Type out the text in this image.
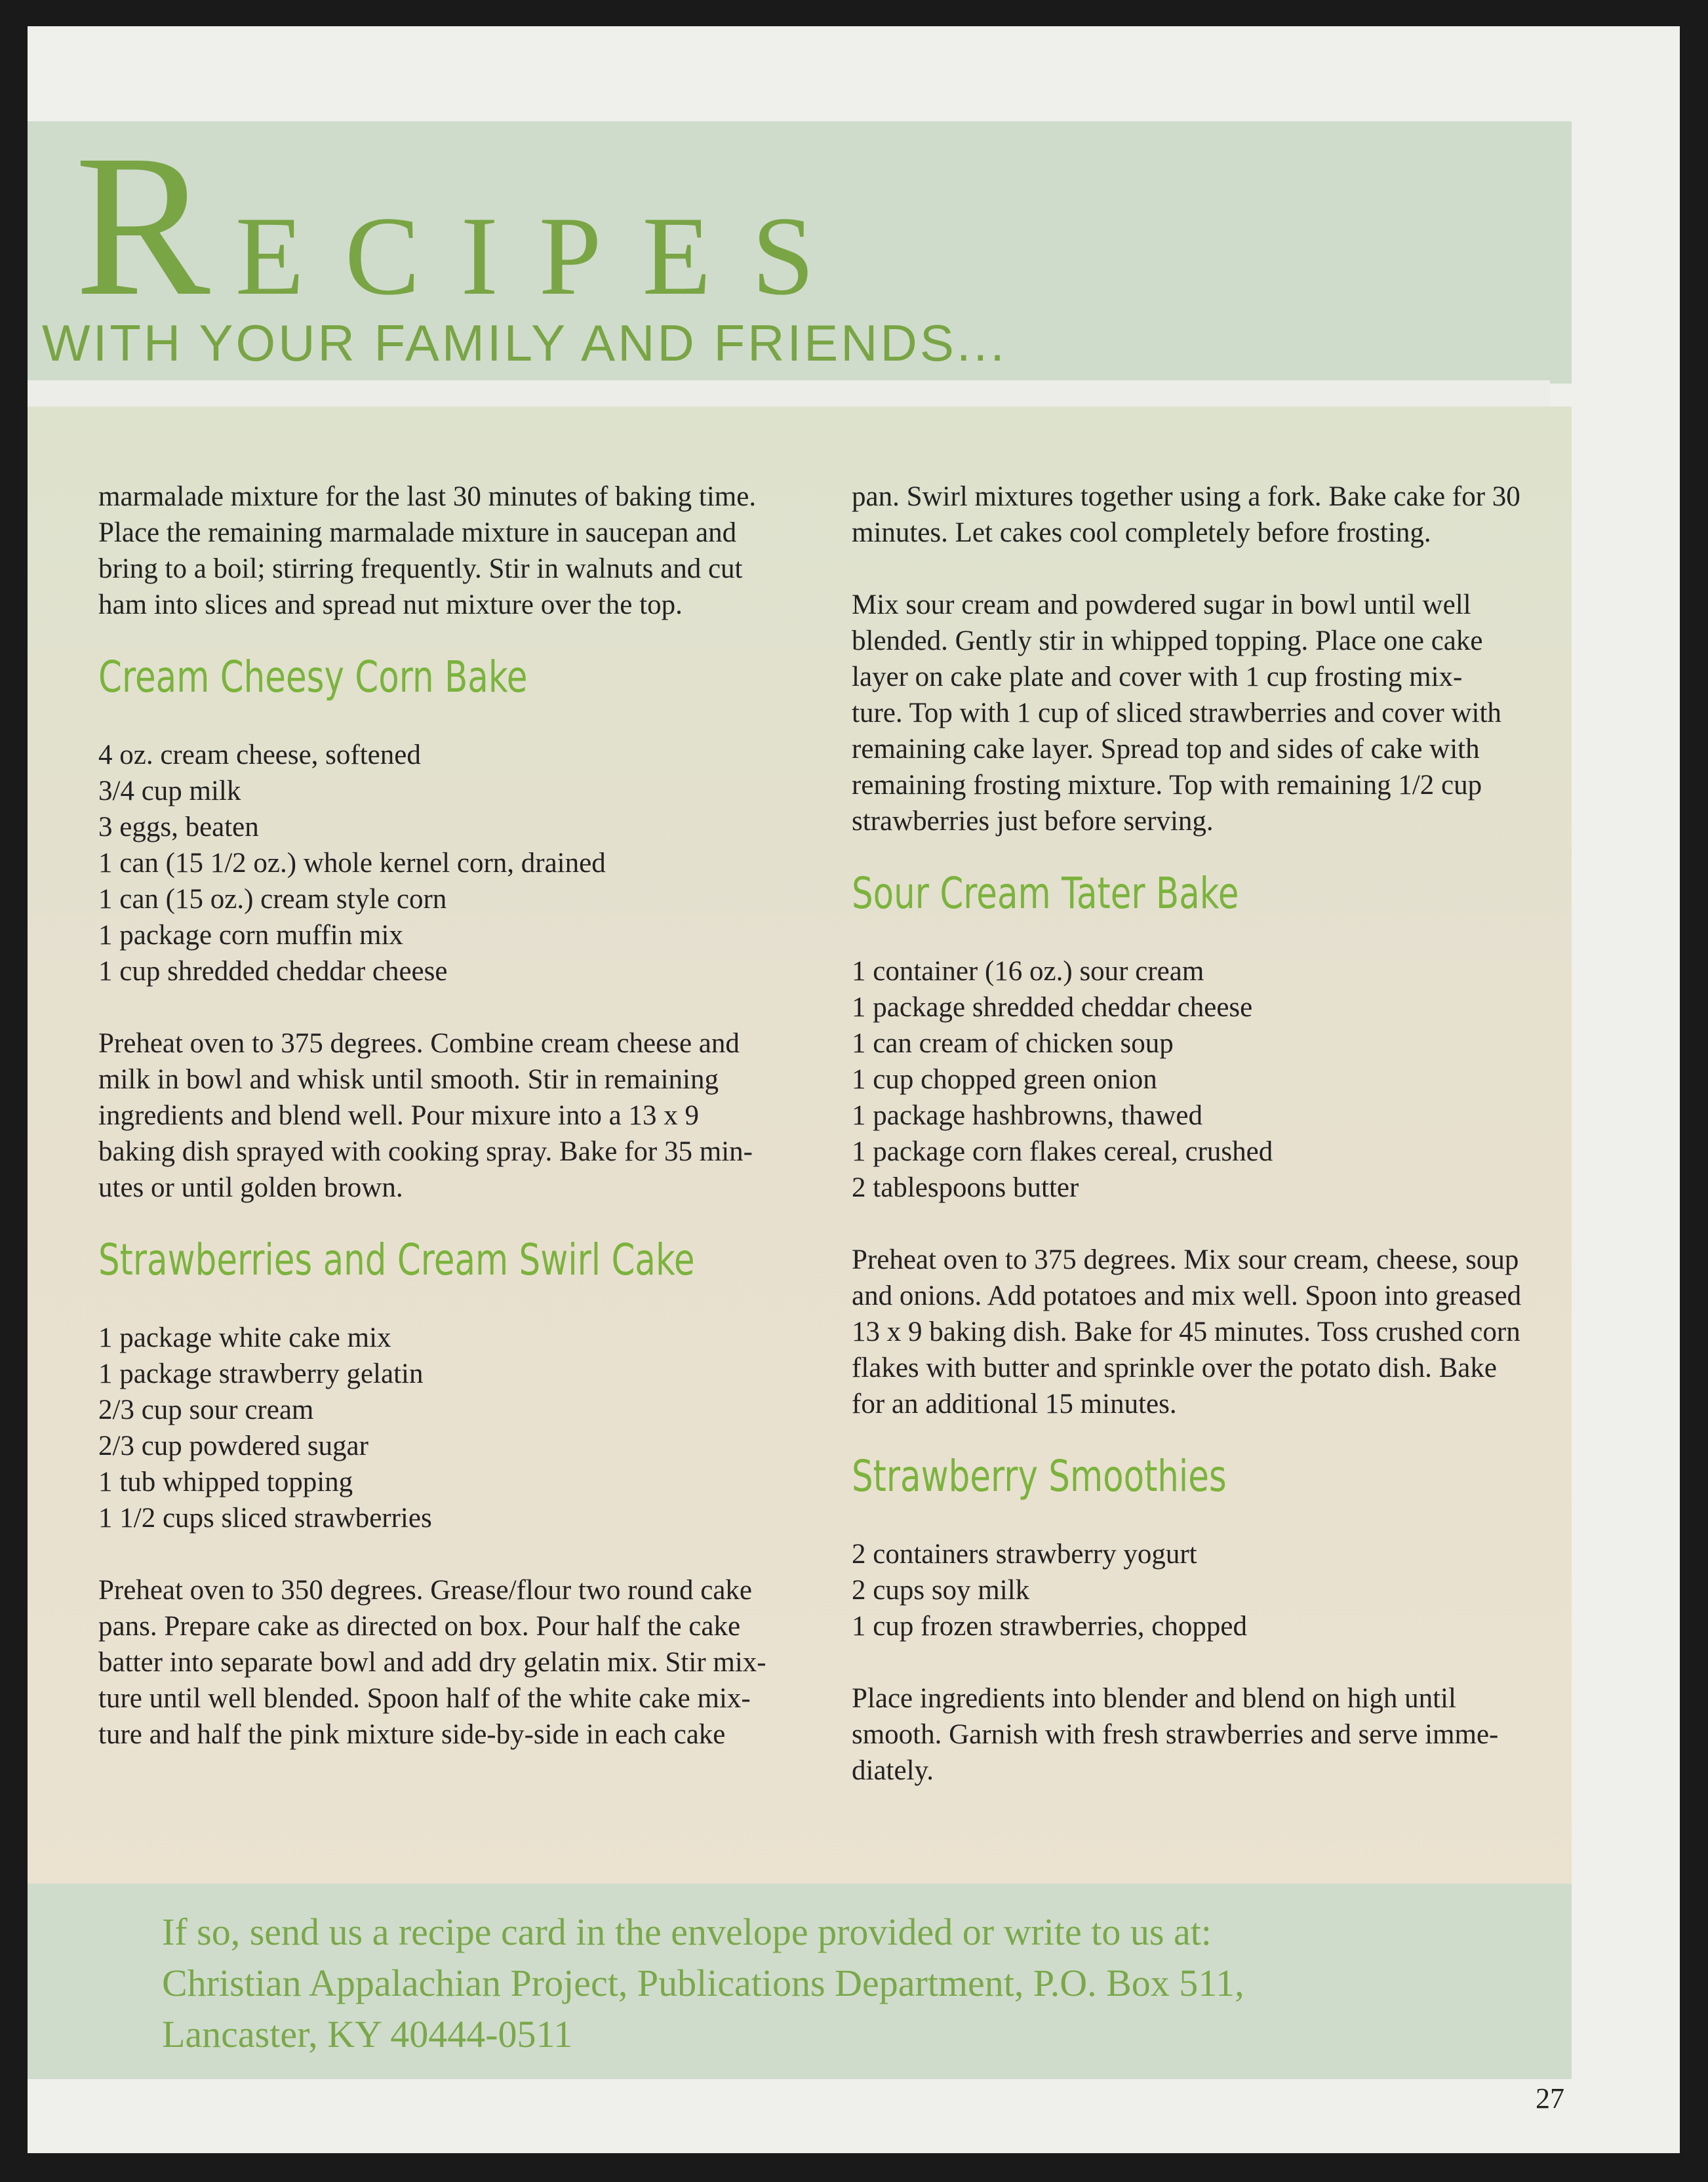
RECIPES
WITH YOUR FAMILY AND FRIENDS...

marmalade mixture for the last 30 minutes of baking time.
Place the remaining marmalade mixture in saucepan and
bring to a boil; stirring frequently. Stir in walnuts and cut
ham into slices and spread nut mixture over the top.

Cream Cheesy Corn Bake
4 oz. cream cheese, softened
3/4 cup milk
3 eggs, beaten
1 can (15 1/2 oz.) whole kernel corn, drained
1 can (15 oz.) cream style corn
1 package corn muffin mix
1 cup shredded cheddar cheese

Preheat oven to 375 degrees. Combine cream cheese and
milk in bowl and whisk until smooth. Stir in remaining
ingredients and blend well. Pour mixure into a 13 x 9
baking dish sprayed with cooking spray. Bake for 35 min-
utes or until golden brown.

Strawberries and Cream Swirl Cake
1 package white cake mix
1 package strawberry gelatin
2/3 cup sour cream
2/3 cup powdered sugar
1 tub whipped topping
1 1/2 cups sliced strawberries

Preheat oven to 350 degrees. Grease/flour two round cake
pans. Prepare cake as directed on box. Pour half the cake
batter into separate bowl and add dry gelatin mix. Stir mix-
ture until well blended. Spoon half of the white cake mix-
ture and half the pink mixture side-by-side in each cake

pan. Swirl mixtures together using a fork. Bake cake for 30
minutes. Let cakes cool completely before frosting.

Mix sour cream and powdered sugar in bowl until well
blended. Gently stir in whipped topping. Place one cake
layer on cake plate and cover with 1 cup frosting mix-
ture. Top with 1 cup of sliced strawberries and cover with
remaining cake layer. Spread top and sides of cake with
remaining frosting mixture. Top with remaining 1/2 cup
strawberries just before serving.

Sour Cream Tater Bake
1 container (16 oz.) sour cream
1 package shredded cheddar cheese
1 can cream of chicken soup
1 cup chopped green onion
1 package hashbrowns, thawed
1 package corn flakes cereal, crushed
2 tablespoons butter

Preheat oven to 375 degrees. Mix sour cream, cheese, soup
and onions. Add potatoes and mix well. Spoon into greased
13 x 9 baking dish. Bake for 45 minutes. Toss crushed corn
flakes with butter and sprinkle over the potato dish. Bake
for an additional 15 minutes.

Strawberry Smoothies
2 containers strawberry yogurt
2 cups soy milk
1 cup frozen strawberries, chopped

Place ingredients into blender and blend on high until
smooth. Garnish with fresh strawberries and serve imme-
diately.

If so, send us a recipe card in the envelope provided or write to us at:
Christian Appalachian Project, Publications Department, P.O. Box 511,
Lancaster, KY 40444-0511
27
